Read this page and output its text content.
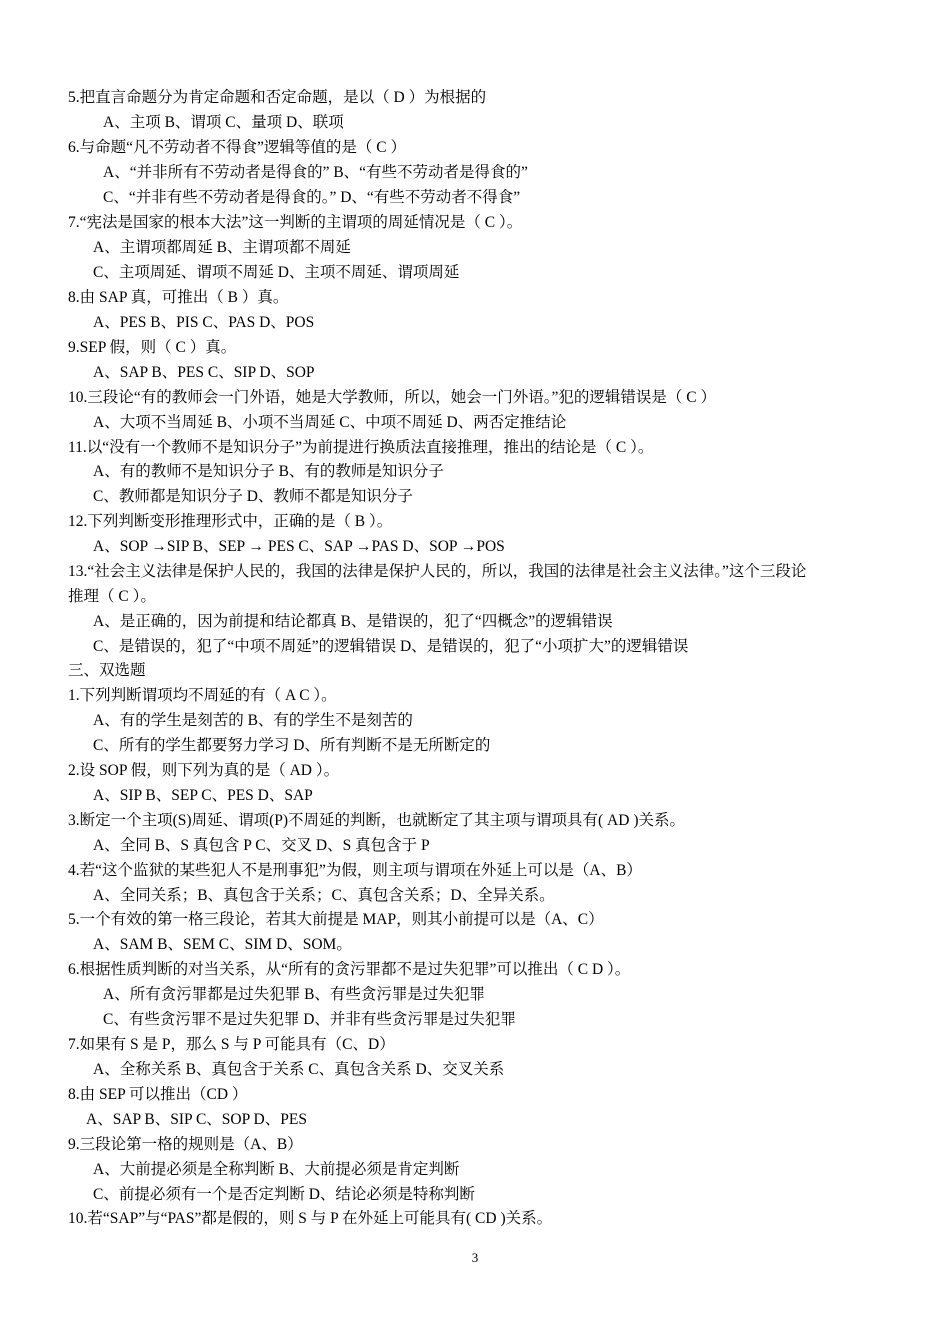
5.把直言命题分为肯定命题和否定命题，是以（ D ）为根据的
A、主项 B、谓项 C、量项 D、联项
6.与命题“凡不劳动者不得食”逻辑等值的是（ C ）
A、“并非所有不劳动者是得食的” B、“有些不劳动者是得食的”
C、“并非有些不劳动者是得食的。” D、“有些不劳动者不得食”
7.“宪法是国家的根本大法”这一判断的主谓项的周延情况是（ C ）。
A、主谓项都周延 B、主谓项都不周延
C、主项周延、谓项不周延 D、主项不周延、谓项周延
8.由 SAP 真，可推出（ B ）真。
A、PES B、PIS C、PAS D、POS
9.SEP 假，则（ C ）真。
A、SAP B、PES C、SIP D、SOP
10.三段论“有的教师会一门外语，她是大学教师，所以，她会一门外语。”犯的逻辑错误是（ C ）
A、大项不当周延 B、小项不当周延 C、中项不周延 D、两否定推结论
11.以“没有一个教师不是知识分子”为前提进行换质法直接推理，推出的结论是（ C ）。
A、有的教师不是知识分子 B、有的教师是知识分子
C、教师都是知识分子 D、教师不都是知识分子
12.下列判断变形推理形式中，正确的是（ B ）。
A、SOP →SIP B、SEP → PES C、SAP →PAS D、SOP →POS
13.“社会主义法律是保护人民的，我国的法律是保护人民的，所以，我国的法律是社会主义法律。”这个三段论
推理（ C ）。
A、是正确的，因为前提和结论都真 B、是错误的，犯了“四概念”的逻辑错误
C、是错误的，犯了“中项不周延”的逻辑错误 D、是错误的，犯了“小项扩大”的逻辑错误
三、双选题
1.下列判断谓项均不周延的有（ A C ）。
A、有的学生是刻苦的 B、有的学生不是刻苦的
C、所有的学生都要努力学习 D、所有判断不是无所断定的
2.设 SOP 假，则下列为真的是（ AD ）。
A、SIP B、SEP C、PES D、SAP
3.断定一个主项(S)周延、谓项(P)不周延的判断，也就断定了其主项与谓项具有( AD )关系。
A、全同 B、S 真包含 P C、交叉 D、S 真包含于 P
4.若“这个监狱的某些犯人不是刑事犯”为假，则主项与谓项在外延上可以是（A、B）
A、全同关系；B、真包含于关系；C、真包含关系；D、全异关系。
5.一个有效的第一格三段论，若其大前提是 MAP，则其小前提可以是（A、C）
A、SAM B、SEM C、SIM D、SOM。
6.根据性质判断的对当关系，从“所有的贪污罪都不是过失犯罪”可以推出（ C D ）。
A、所有贪污罪都是过失犯罪 B、有些贪污罪是过失犯罪
C、有些贪污罪不是过失犯罪 D、并非有些贪污罪是过失犯罪
7.如果有 S 是 P，那么 S 与 P 可能具有（C、D）
A、全称关系 B、真包含于关系 C、真包含关系 D、交叉关系
8.由 SEP 可以推出（CD ）
A、SAP B、SIP C、SOP D、PES
9.三段论第一格的规则是（A、B）
A、大前提必须是全称判断 B、大前提必须是肯定判断
C、前提必须有一个是否定判断 D、结论必须是特称判断
10.若“SAP”与“PAS”都是假的，则 S 与 P 在外延上可能具有( CD )关系。
3
